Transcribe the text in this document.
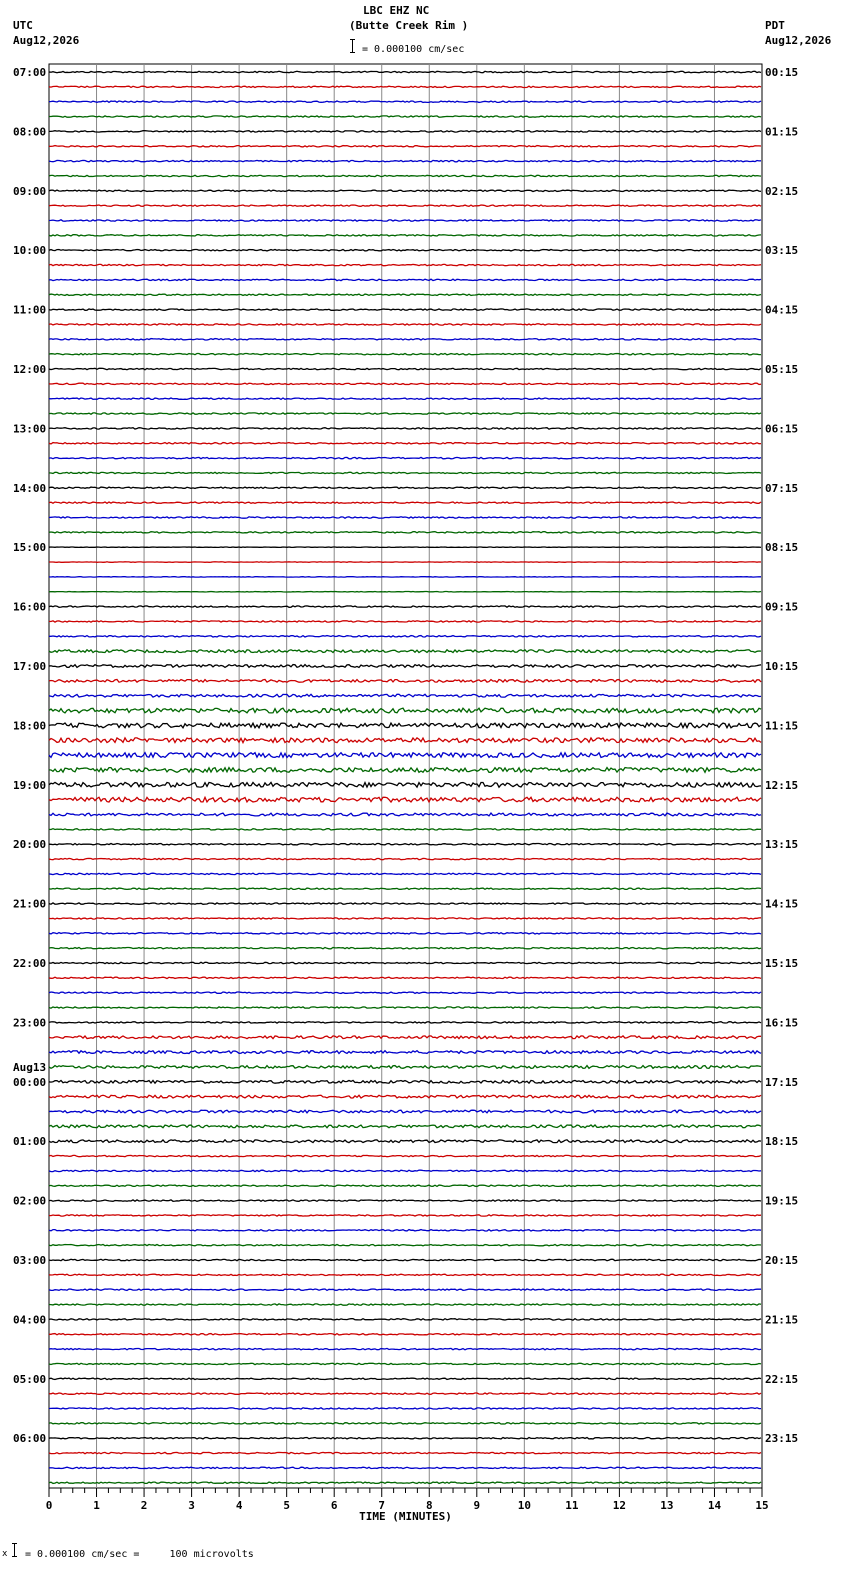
LBC EHZ NC
(Butte Creek Rim )
= 0.000100 cm/sec
UTC
Aug12,2026
PDT
Aug12,2026
07:00
08:00
09:00
10:00
11:00
12:00
13:00
14:00
15:00
16:00
17:00
18:00
19:00
20:00
21:00
22:00
23:00
00:00
01:00
02:00
03:00
04:00
05:00
06:00
00:15
01:15
02:15
03:15
04:15
05:15
06:15
07:15
08:15
09:15
10:15
11:15
12:15
13:15
14:15
15:15
16:15
17:15
18:15
19:15
20:15
21:15
22:15
23:15
Aug13
0	1	2	3	4	5	6	7	8	9	10	11	12	13	14	15
TIME (MINUTES)
x = 0.000100 cm/sec =     100 microvolts
